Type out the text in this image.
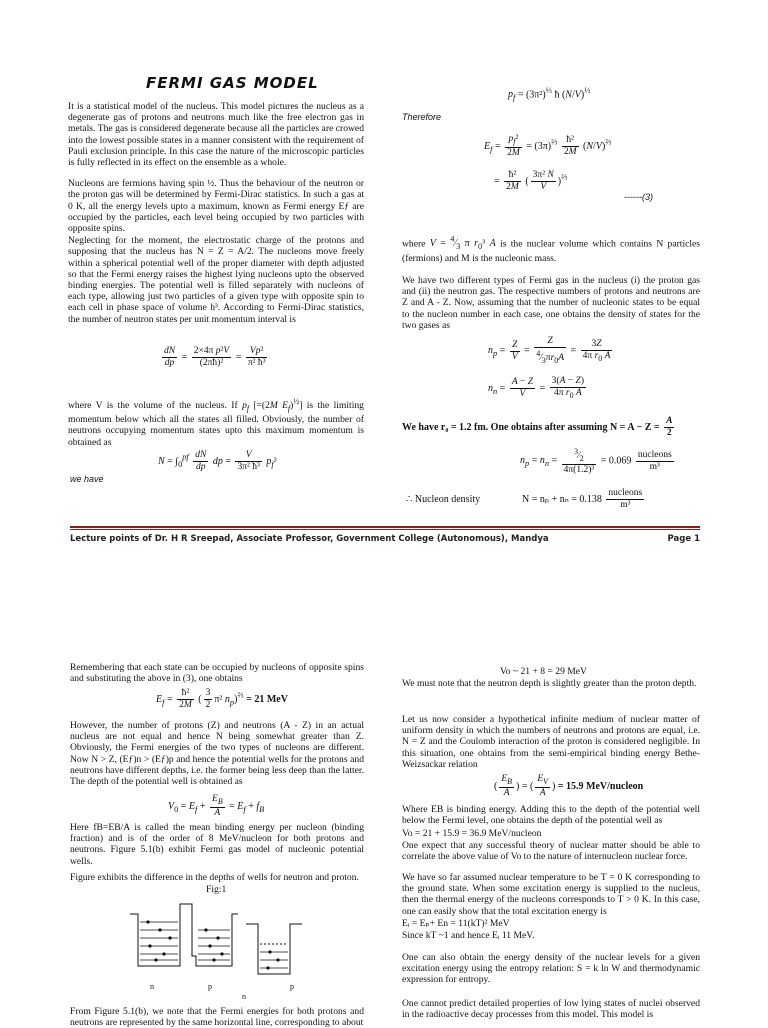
FERMI GAS MODEL

It is a statistical model of the nucleus. This model pictures the nucleus as a degenerate gas of protons and neutrons much like the free electron gas in metals. The gas is considered degenerate because all the particles are crowed into the lowest possible states in a manner consistent with the requirement of Pauli exclusion principle. In this case the nature of the microscopic particles is fully reflected in its effect on the ensemble as a whole.

Nucleons are fermions having spin ½. Thus the behaviour of the neutron or the proton gas will be determined by Fermi-Dirac statistics. In such a gas at 0 K, all the energy levels upto a maximum, known as Fermi energy Eƒ are occupied by the particles, each level being occupied by two particles with opposite spins.

Neglecting for the moment, the electrostatic charge of the protons and supposing that the nucleus has N = Z = A/2. The nucleons move freely within a spherical potential well of the proper diameter with depth adjusted so that the Fermi energy raises the highest lying nucleons upto the observed binding energies. The potential well is filled separately with nucleons of each type, allowing just two particles of a given type with opposite spin to each cell in phase space of volume h³. According to Fermi-Dirac statistics, the number of neutron states per unit momentum interval is

$\frac{dN}{dp} = \frac{\text{2×4π p²V}}{\text{(2πħ)²}} = \frac{\text{Vp²}}{\text{π² ħ³}}$
where V is the volume of the nucleus. If $p_f$ [=(2M $E_f)^{\frac{1}{2}}$] is the limiting momentum below which all the states all filled. Obviously, the number of neutrons occupying momentum states upto this maximum momentum is obtained as
$N = \int_0^{pf} \frac{dN}{dp}$ dp = $\frac{V}{\text{3π² ħ³}} p_f^3$
we have
$p_f = (3\pi^2)^{\frac{1}{3}}$ ħ $(N/V)^{\frac{1}{3}}$
Therefore
$E_f = \frac{p_f^2}{2M} = (3\pi)^{\frac{2}{3}} \frac{\text{ħ²}}{2M} (N/V)^{\frac{2}{3}}$
= $\frac{\text{ħ²}}{2M}$ ( $\frac{\text{3π² N}}{V} )^{\frac{2}{3}}$
------(3)
where $V = ^4⁄_3$ π $r_0^3$ A is the nuclear volume which contains N particles (fermions) and M is the nucleonic mass.
We have two different types of Fermi gas in the nucleus (i) the proton gas and (ii) the neutron gas. The respective numbers of protons and neutrons are Z and A - Z. Now, assuming that the number of nucleonic states to be equal to the nucleon number in each case, one obtains the density of states for the two gases as
$n_p = \frac{Z}{V} = \frac{Z}{^4⁄_3\pi r_0A} = \frac{3Z}{4\pi r_0 A}$
$n_n = \frac{A - Z}{V} = \frac{3(A - Z)}{4\pi r_0 A}$
We have r₀ = 1.2 fm. One obtains after assuming $N = A - Z = \frac{A}{2}$
$n_p = n_n = \frac{^3⁄_2}{\text{4π(1.2)³}} = 0.069 \frac{\text{nucleons}}{\text{m³}}$
∴ Nucleon density	$N = n_p + n_n = 0.138 \frac{\text{nucleons}}{\text{m³}}$
Lecture points of Dr. H R Sreepad, Associate Professor, Government College (Autonomous), Mandya	Page 1
Remembering that each state can be occupied by nucleons of opposite spins and substituting the above in (3), one obtains
$E_f = \frac{\text{ħ²}}{2M}$ ( $\frac{3}{2} \pi^2$ $n_p)^{\frac{2}{3}} = 21$ MeV
However, the number of protons (Z) and neutrons (A - Z) in an actual nucleus are not equal and hence N being somewhat greater than Z. Obviously, the Fermi energies of the two types of nucleons are different. Now N > Z, (Eƒ)n > (Eƒ)p and hence the potential wells for the protons and neutrons have different depths, i.e. the former being less deep than the latter. The depth of the potential well is obtained as
$V_0 = E_f + \frac{E_B}{A} = E_f + f_B$
Here fB=EB/A is called the mean binding energy per nucleon (binding fraction) and is of the order of 8 MeV/nucleon for both protons and neutrons. Figure 5.1(b) exhibit Fermi gas model of nucleonic potential wells.
Figure exhibits the difference in the depths of wells for neutron and proton.
Fig:1
n	p
n
p
From Figure 5.1(b), we note that the Fermi energies for both protons and neutrons are represented by the same horizontal line, corresponding to about
Vo ~ 21 + 8 = 29 MeV
We must note that the neutron depth is slightly greater than the proton depth.
Let us now consider a hypothetical infinite medium of nuclear matter of uniform density in which the numbers of neutrons and protons are equal, i.e. N = Z and the Coulomb interaction of the proton is considered negligible. In this situation, one obtains from the semi-empirical binding energy Bethe-Weizsackar relation
( $\frac{E_B}{A}$ ) = ( $\frac{E_V}{A}$ ) = 15.9 MeV/nucleon
Where EB is binding energy. Adding this to the depth of the potential well below the Fermi level, one obtains the depth of the potential well as
Vo = 21 + 15.9 = 36.9 MeV/nucleon
One expect that any successful theory of nuclear matter should be able to correlate the above value of Vo to the nature of internucleon nuclear force.
We have so far assumed nuclear temperature to be T = 0 K corresponding to the ground state. When some excitation energy is supplied to the nucleus, then the thermal energy of the nucleons corresponds to T > 0 K. In this case, one can easily show that the total excitation energy is
Eᵢ = Eₚ+ En = 11(kT)² MeV
Since kT ~1 and hence Eᵢ 11 MeV.
One can also obtain the energy density of the nuclear levels for a given excitation energy using the entropy relation: S = k ln W and thermodynamic expression for entropy.
One cannot predict detailed properties of low lying states of nuclei observed in the radioactive decay processes from this model. This model is
